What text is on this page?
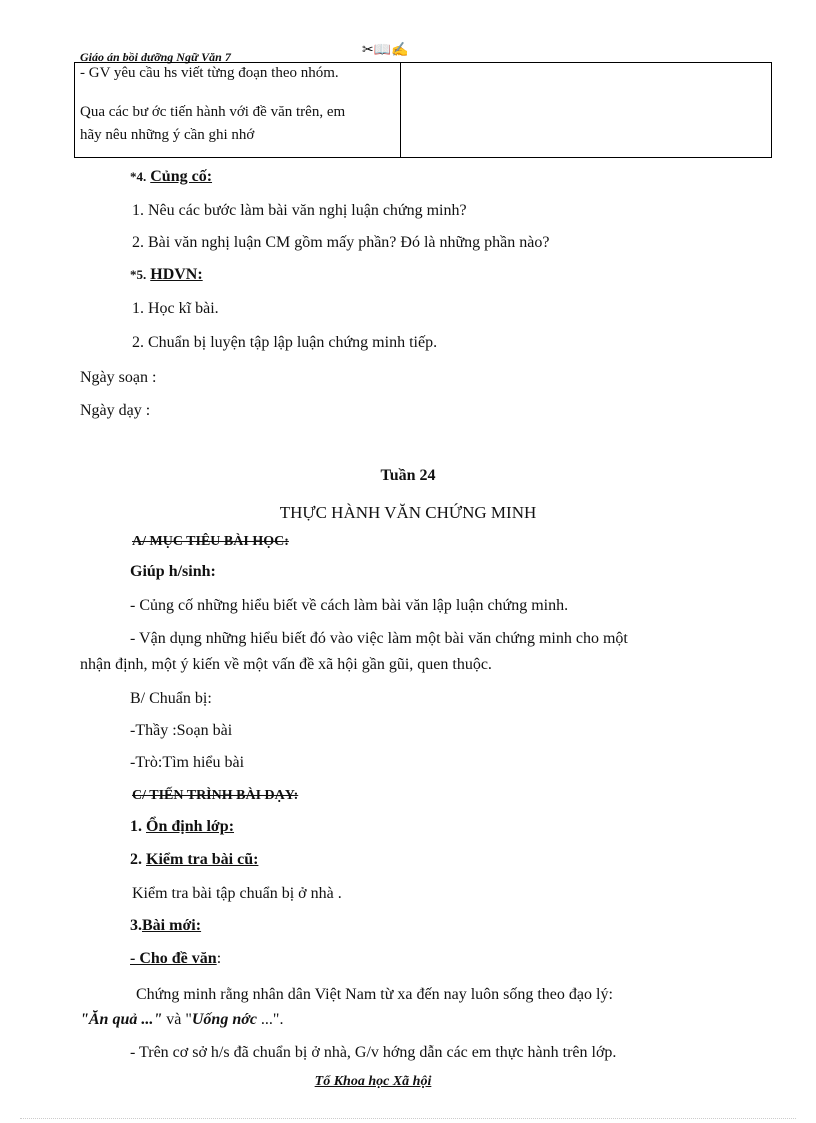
Giáo án bồi dưỡng Ngữ Văn 7	✂📖✍
- GV yêu cầu hs viết từng đoạn theo nhóm.
Qua các bư ớc tiến hành với đề văn trên, em
hãy nêu những ý cần ghi nhớ
*4. Củng cố:
1. Nêu các bước làm bài văn nghị luận chứng minh?
2. Bài văn nghị luận CM gồm mấy phần? Đó là những phần nào?
*5. HDVN:
1. Học kĩ bài.
2. Chuẩn bị luyện tập lập luận chứng minh tiếp.
Ngày soạn :
Ngày dạy :
Tuần 24
THỰC HÀNH VĂN CHỨNG MINH
A/ MỤC TIÊU BÀI HỌC:
Giúp h/sinh:
- Củng cố những hiểu biết về cách làm bài văn lập luận chứng minh.
- Vận dụng những hiểu biết đó vào việc làm một bài văn chứng minh cho một
nhận định, một ý kiến về một vấn đề xã hội gần gũi, quen thuộc.
B/ Chuẩn bị:
-Thầy :Soạn bài
-Trò:Tìm hiểu bài
C/ TIẾN TRÌNH BÀI DẠY:
1. Ổn định lớp:
2. Kiểm tra bài cũ:
Kiểm tra bài tập chuẩn bị ở nhà .
3.Bài mới:
- Cho đề văn:
Chứng minh rằng nhân dân Việt Nam từ xa đến nay luôn sống theo đạo lý:
"Ăn quả ..." và "Uống nớc ...".
- Trên cơ sở h/s đã chuẩn bị ở nhà, G/v hớng dẫn các em thực hành trên lớp.
Tổ Khoa học Xã hội
